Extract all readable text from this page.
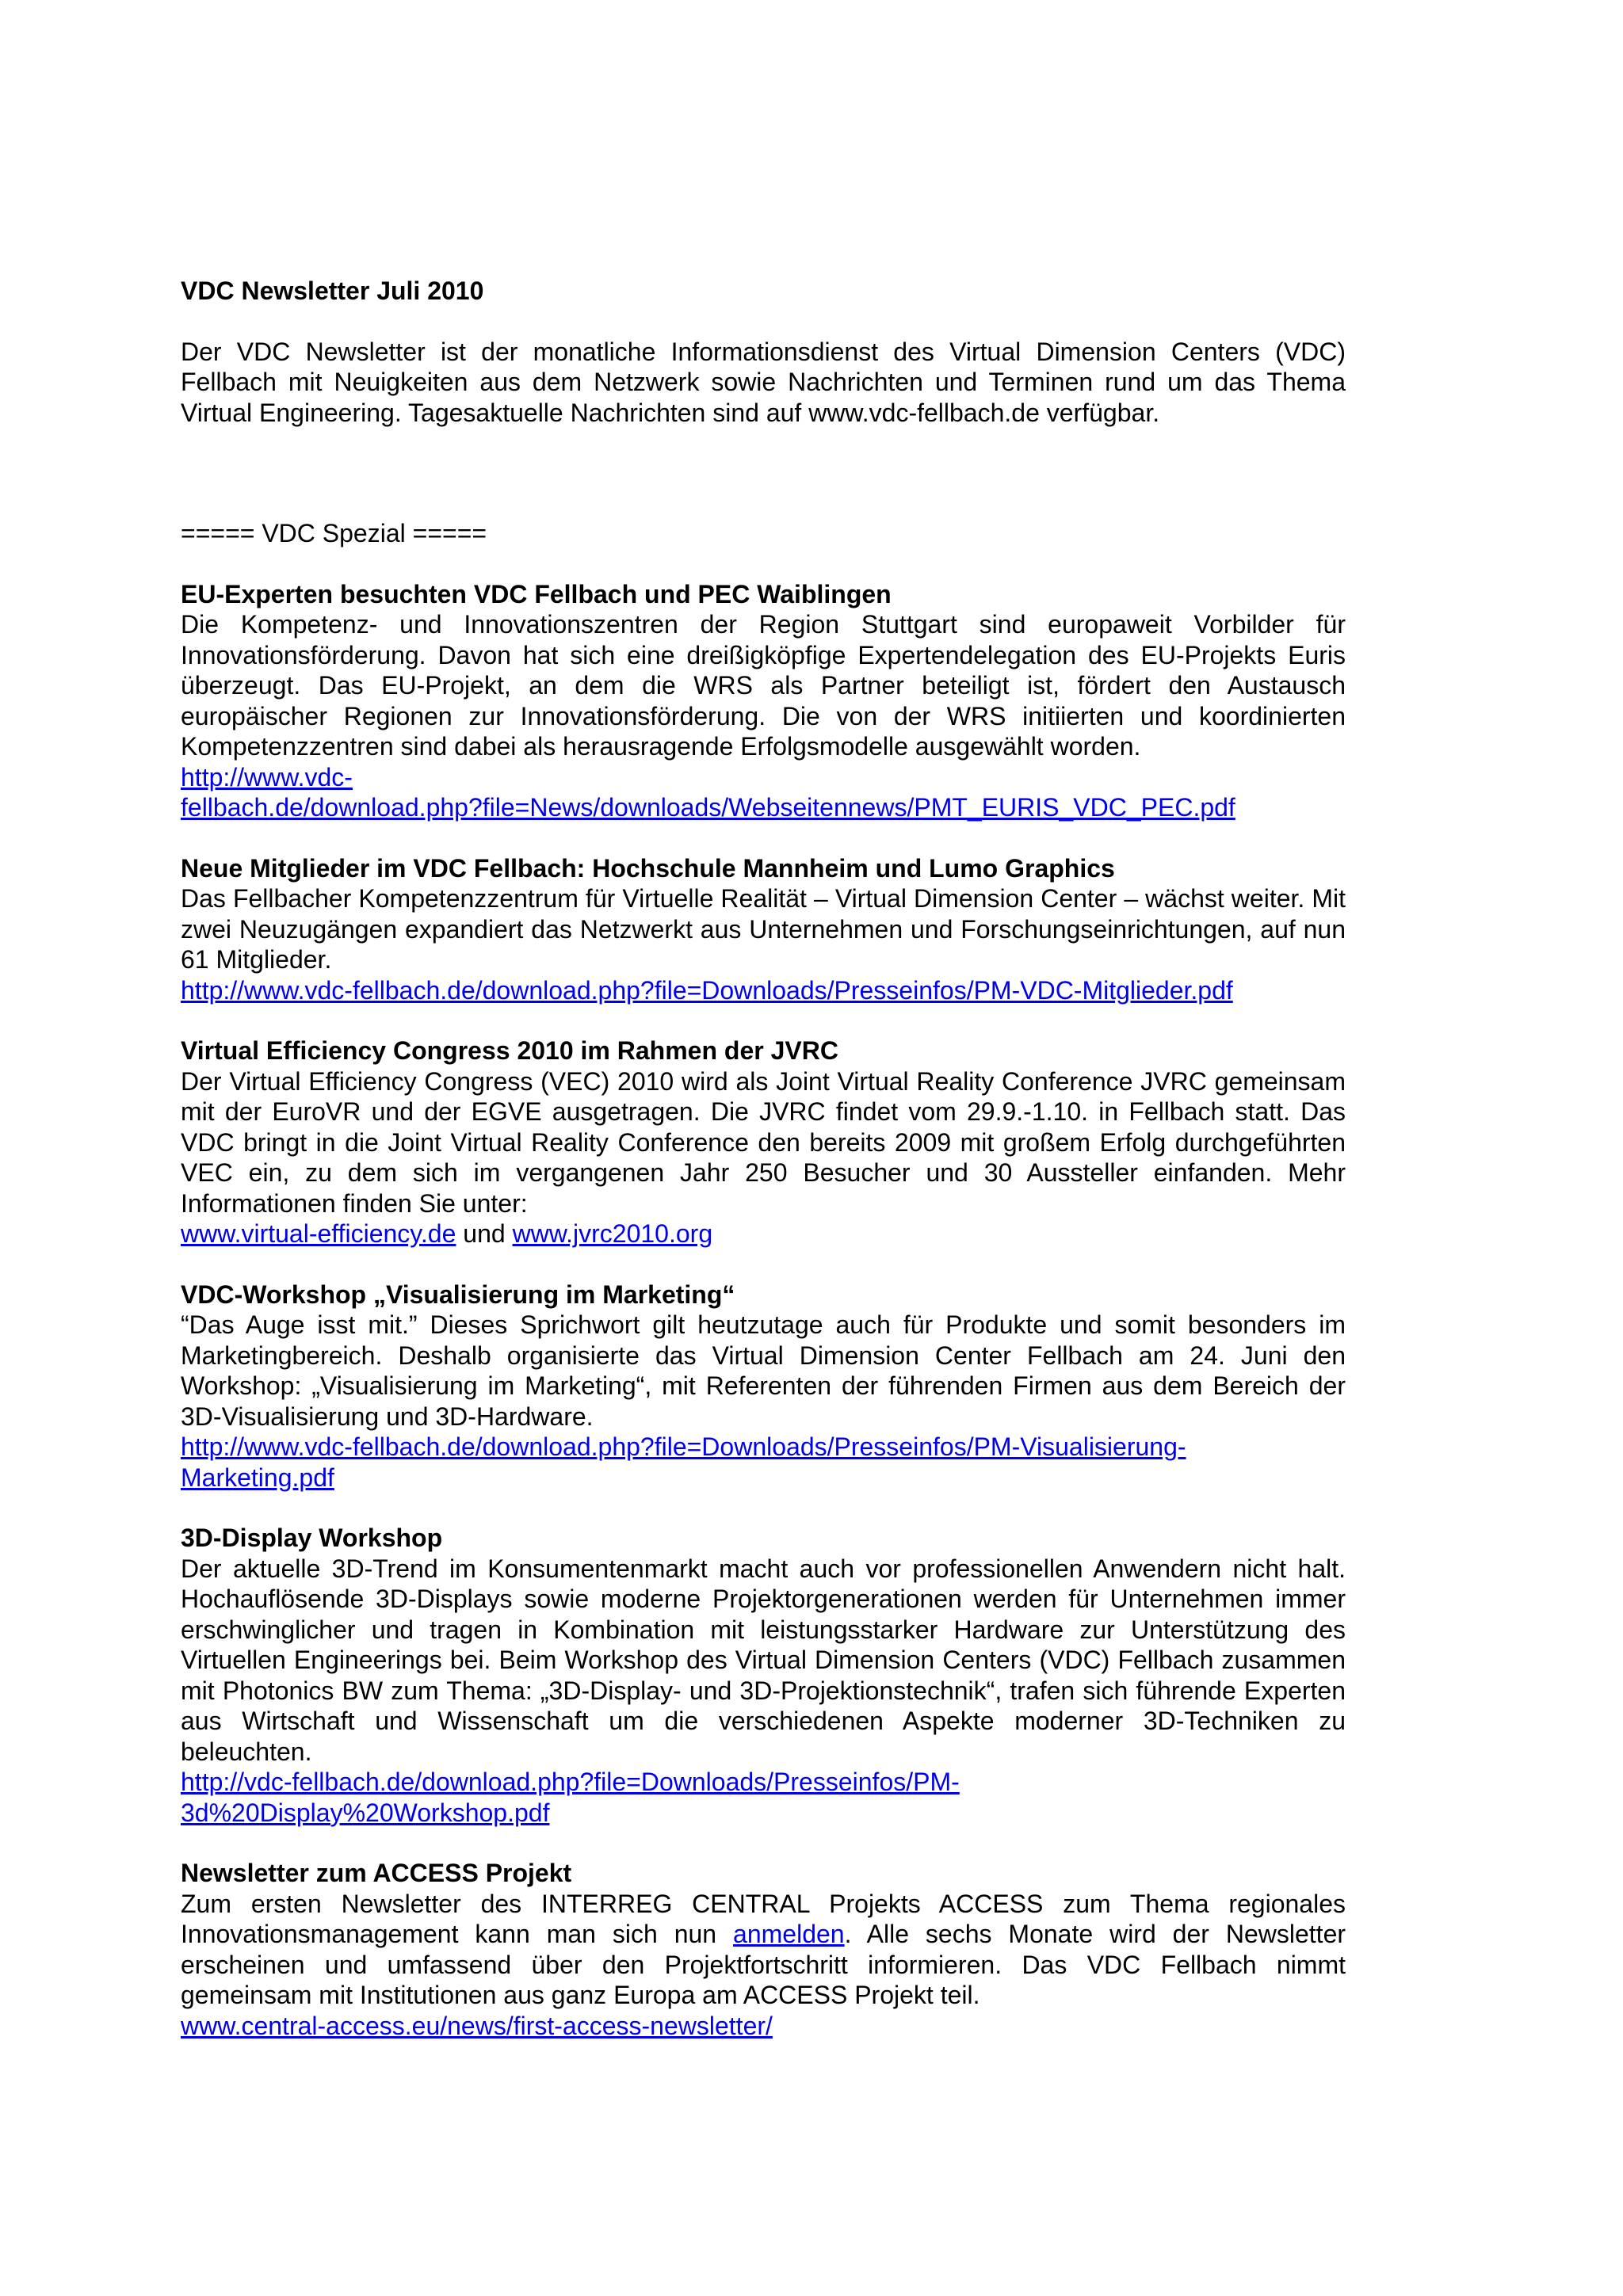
VDC Newsletter Juli 2010

Der VDC Newsletter ist der monatliche Informationsdienst des Virtual Dimension Centers (VDC) Fellbach mit Neuigkeiten aus dem Netzwerk sowie Nachrichten und Terminen rund um das Thema Virtual Engineering. Tagesaktuelle Nachrichten sind auf www.vdc-fellbach.de verfügbar.

===== VDC Spezial =====

EU-Experten besuchten VDC Fellbach und PEC Waiblingen

Die Kompetenz- und Innovationszentren der Region Stuttgart sind europaweit Vorbilder für Innovationsförderung. Davon hat sich eine dreißigköpfige Expertendelegation des EU-Projekts Euris überzeugt. Das EU-Projekt, an dem die WRS als Partner beteiligt ist, fördert den Austausch europäischer Regionen zur Innovationsförderung. Die von der WRS initiierten und koordinierten Kompetenzzentren sind dabei als herausragende Erfolgsmodelle ausgewählt worden.

http://www.vdc-
fellbach.de/download.php?file=News/downloads/Webseitennews/PMT_EURIS_VDC_PEC.pdf
Neue Mitglieder im VDC Fellbach: Hochschule Mannheim und Lumo Graphics

Das Fellbacher Kompetenzzentrum für Virtuelle Realität – Virtual Dimension Center – wächst weiter. Mit zwei Neuzugängen expandiert das Netzwerkt aus Unternehmen und Forschungseinrichtungen, auf nun 61 Mitglieder.

http://www.vdc-fellbach.de/download.php?file=Downloads/Presseinfos/PM-VDC-Mitglieder.pdf
Virtual Efficiency Congress 2010 im Rahmen der JVRC

Der Virtual Efficiency Congress (VEC) 2010 wird als Joint Virtual Reality Conference JVRC gemeinsam mit der EuroVR und der EGVE ausgetragen. Die JVRC findet vom 29.9.-1.10. in Fellbach statt. Das VDC bringt in die Joint Virtual Reality Conference den bereits 2009 mit großem Erfolg durchgeführten VEC ein, zu dem sich im vergangenen Jahr 250 Besucher und 30 Aussteller einfanden. Mehr Informationen finden Sie unter:

www.virtual-efficiency.de und www.jvrc2010.org
VDC-Workshop „Visualisierung im Marketing“

“Das Auge isst mit.” Dieses Sprichwort gilt heutzutage auch für Produkte und somit besonders im Marketingbereich. Deshalb organisierte das Virtual Dimension Center Fellbach am 24. Juni den Workshop: „Visualisierung im Marketing“, mit Referenten der führenden Firmen aus dem Bereich der 3D-Visualisierung und 3D-Hardware.

http://www.vdc-fellbach.de/download.php?file=Downloads/Presseinfos/PM-Visualisierung-
Marketing.pdf
3D-Display Workshop

Der aktuelle 3D-Trend im Konsumentenmarkt macht auch vor professionellen Anwendern nicht halt. Hochauflösende 3D-Displays sowie moderne Projektorgenerationen werden für Unternehmen immer erschwinglicher und tragen in Kombination mit leistungsstarker Hardware zur Unterstützung des Virtuellen Engineerings bei. Beim Workshop des Virtual Dimension Centers (VDC) Fellbach zusammen mit Photonics BW zum Thema: „3D-Display- und 3D-Projektionstechnik“, trafen sich führende Experten aus Wirtschaft und Wissenschaft um die verschiedenen Aspekte moderner 3D-Techniken zu beleuchten.

http://vdc-fellbach.de/download.php?file=Downloads/Presseinfos/PM-
3d%20Display%20Workshop.pdf
Newsletter zum ACCESS Projekt

Zum ersten Newsletter des INTERREG CENTRAL Projekts ACCESS zum Thema regionales Innovationsmanagement kann man sich nun anmelden. Alle sechs Monate wird der Newsletter erscheinen und umfassend über den Projektfortschritt informieren. Das VDC Fellbach nimmt gemeinsam mit Institutionen aus ganz Europa am ACCESS Projekt teil.

www.central-access.eu/news/first-access-newsletter/
